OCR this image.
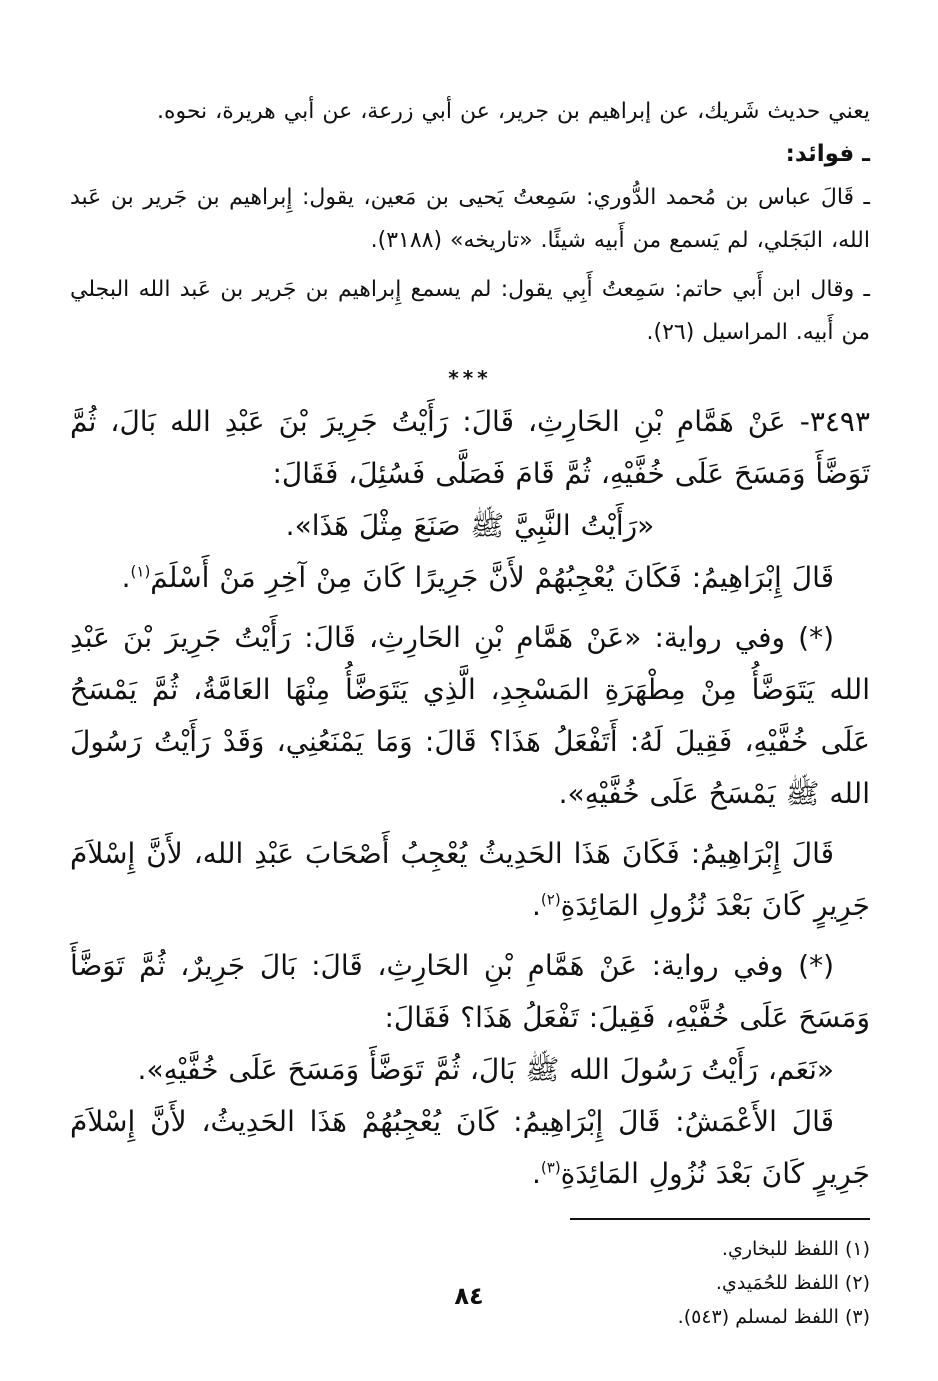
يعني حديث شَريك، عن إبراهيم بن جرير، عن أبي زرعة، عن أبي هريرة، نحوه.

ـ فوائد:

ـ قَالَ عباس بن مُحمد الدُّوري: سَمِعتُ يَحيى بن مَعين، يقول: إِبراهيم بن جَرير بن عَبد الله، البَجَلي، لم يَسمع من أَبيه شيئًا. «تاريخه» (٣١٨٨).

ـ وقال ابن أَبي حاتم: سَمِعتُ أَبِي يقول: لم يسمع إِبراهيم بن جَرير بن عَبد الله البجلي من أَبيه. المراسيل (٢٦).

***

٣٤٩٣- عَنْ هَمَّامِ بْنِ الحَارِثِ، قَالَ: رَأَيْتُ جَرِيرَ بْنَ عَبْدِ الله بَالَ، ثُمَّ تَوَضَّأَ وَمَسَحَ عَلَى خُفَّيْهِ، ثُمَّ قَامَ فَصَلَّى فَسُئِلَ، فَقَالَ:

«رَأَيْتُ النَّبِيَّ ﷺ صَنَعَ مِثْلَ هَذَا».

قَالَ إِبْرَاهِيمُ: فَكَانَ يُعْجِبُهُمْ لأَنَّ جَرِيرًا كَانَ مِنْ آخِرِ مَنْ أَسْلَمَ$^{(١)}$.

(*) وفي رواية: «عَنْ هَمَّامِ بْنِ الحَارِثِ، قَالَ: رَأَيْتُ جَرِيرَ بْنَ عَبْدِ الله يَتَوَضَّأُ مِنْ مِطْهَرَةِ المَسْجِدِ، الَّذِي يَتَوَضَّأُ مِنْهَا العَامَّةُ، ثُمَّ يَمْسَحُ عَلَى خُفَّيْهِ، فَقِيلَ لَهُ: أَتَفْعَلُ هَذَا؟ قَالَ: وَمَا يَمْنَعُنِي، وَقَدْ رَأَيْتُ رَسُولَ الله ﷺ يَمْسَحُ عَلَى خُفَّيْهِ».

قَالَ إِبْرَاهِيمُ: فَكَانَ هَذَا الحَدِيثُ يُعْجِبُ أَصْحَابَ عَبْدِ الله، لأَنَّ إِسْلاَمَ جَرِيرٍ كَانَ بَعْدَ نُزُولِ المَائِدَةِ$^{(٢)}$.

(*) وفي رواية: عَنْ هَمَّامِ بْنِ الحَارِثِ، قَالَ: بَالَ جَرِيرٌ، ثُمَّ تَوَضَّأَ وَمَسَحَ عَلَى خُفَّيْهِ، فَقِيلَ: تَفْعَلُ هَذَا؟ فَقَالَ:

«نَعَم، رَأَيْتُ رَسُولَ الله ﷺ بَالَ، ثُمَّ تَوَضَّأَ وَمَسَحَ عَلَى خُفَّيْهِ».

قَالَ الأَعْمَشُ: قَالَ إِبْرَاهِيمُ: كَانَ يُعْجِبُهُمْ هَذَا الحَدِيثُ، لأَنَّ إِسْلاَمَ جَرِيرٍ كَانَ بَعْدَ نُزُولِ المَائِدَةِ$^{(٣)}$.

(١) اللفظ للبخاري.

(٢) اللفظ للحُمَيدي.

(٣) اللفظ لمسلم (٥٤٣).

٨٤
